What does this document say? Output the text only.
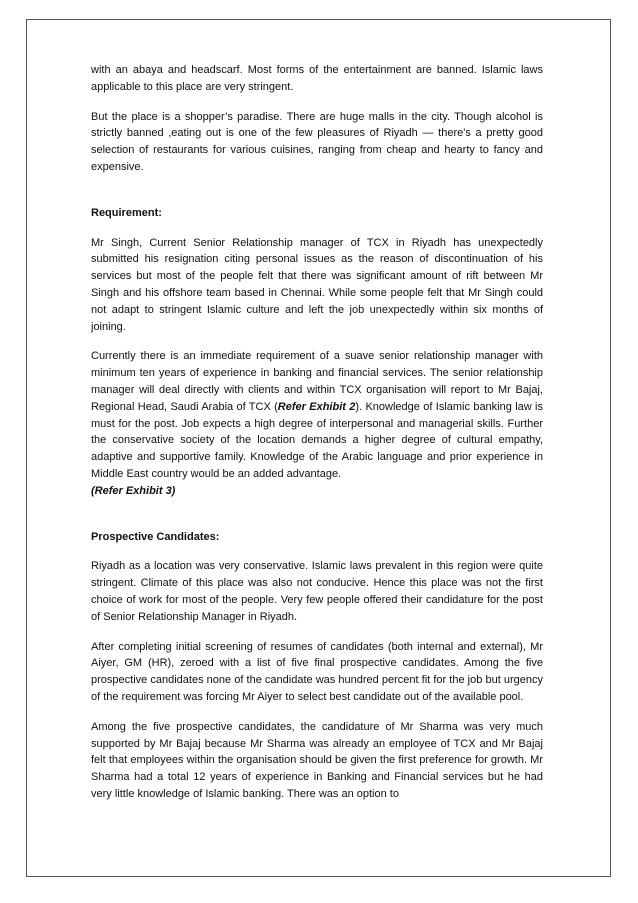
with an abaya and headscarf. Most forms of the entertainment are banned. Islamic laws applicable to this place are very stringent.

But the place is a shopper’s paradise. There are huge malls in the city. Though alcohol is strictly banned ,eating out is one of the few pleasures of Riyadh — there's a pretty good selection of restaurants for various cuisines, ranging from cheap and hearty to fancy and expensive.

Requirement:

Mr Singh, Current Senior Relationship manager of TCX in Riyadh has unexpectedly submitted his resignation citing personal issues as the reason of discontinuation of his services but most of the people felt that there was significant amount of rift between Mr Singh and his offshore team based in Chennai. While some people felt that Mr Singh could not adapt to stringent Islamic culture and left the job unexpectedly within six months of joining.

Currently there is an immediate requirement of a suave senior relationship manager with minimum ten years of experience in banking and financial services. The senior relationship manager will deal directly with clients and within TCX organisation will report to Mr Bajaj, Regional Head, Saudi Arabia of TCX (Refer Exhibit 2). Knowledge of Islamic banking law is must for the post. Job expects a high degree of interpersonal and managerial skills. Further the conservative society of the location demands a higher degree of cultural empathy, adaptive and supportive family. Knowledge of the Arabic language and prior experience in Middle East country would be an added advantage.

(Refer Exhibit 3)

Prospective Candidates:

Riyadh as a location was very conservative. Islamic laws prevalent in this region were quite stringent. Climate of this place was also not conducive. Hence this place was not the first choice of work for most of the people. Very few people offered their candidature for the post of Senior Relationship Manager in Riyadh.

After completing initial screening of resumes of candidates (both internal and external), Mr Aiyer, GM (HR), zeroed with a list of five final prospective candidates. Among the five prospective candidates none of the candidate was hundred percent fit for the job but urgency of the requirement was forcing Mr Aiyer to select best candidate out of the available pool.

Among the five prospective candidates, the candidature of Mr Sharma was very much supported by Mr Bajaj because Mr Sharma was already an employee of TCX and Mr Bajaj felt that employees within the organisation should be given the first preference for growth. Mr Sharma had a total 12 years of experience in Banking and Financial services but he had very little knowledge of Islamic banking. There was an option to
